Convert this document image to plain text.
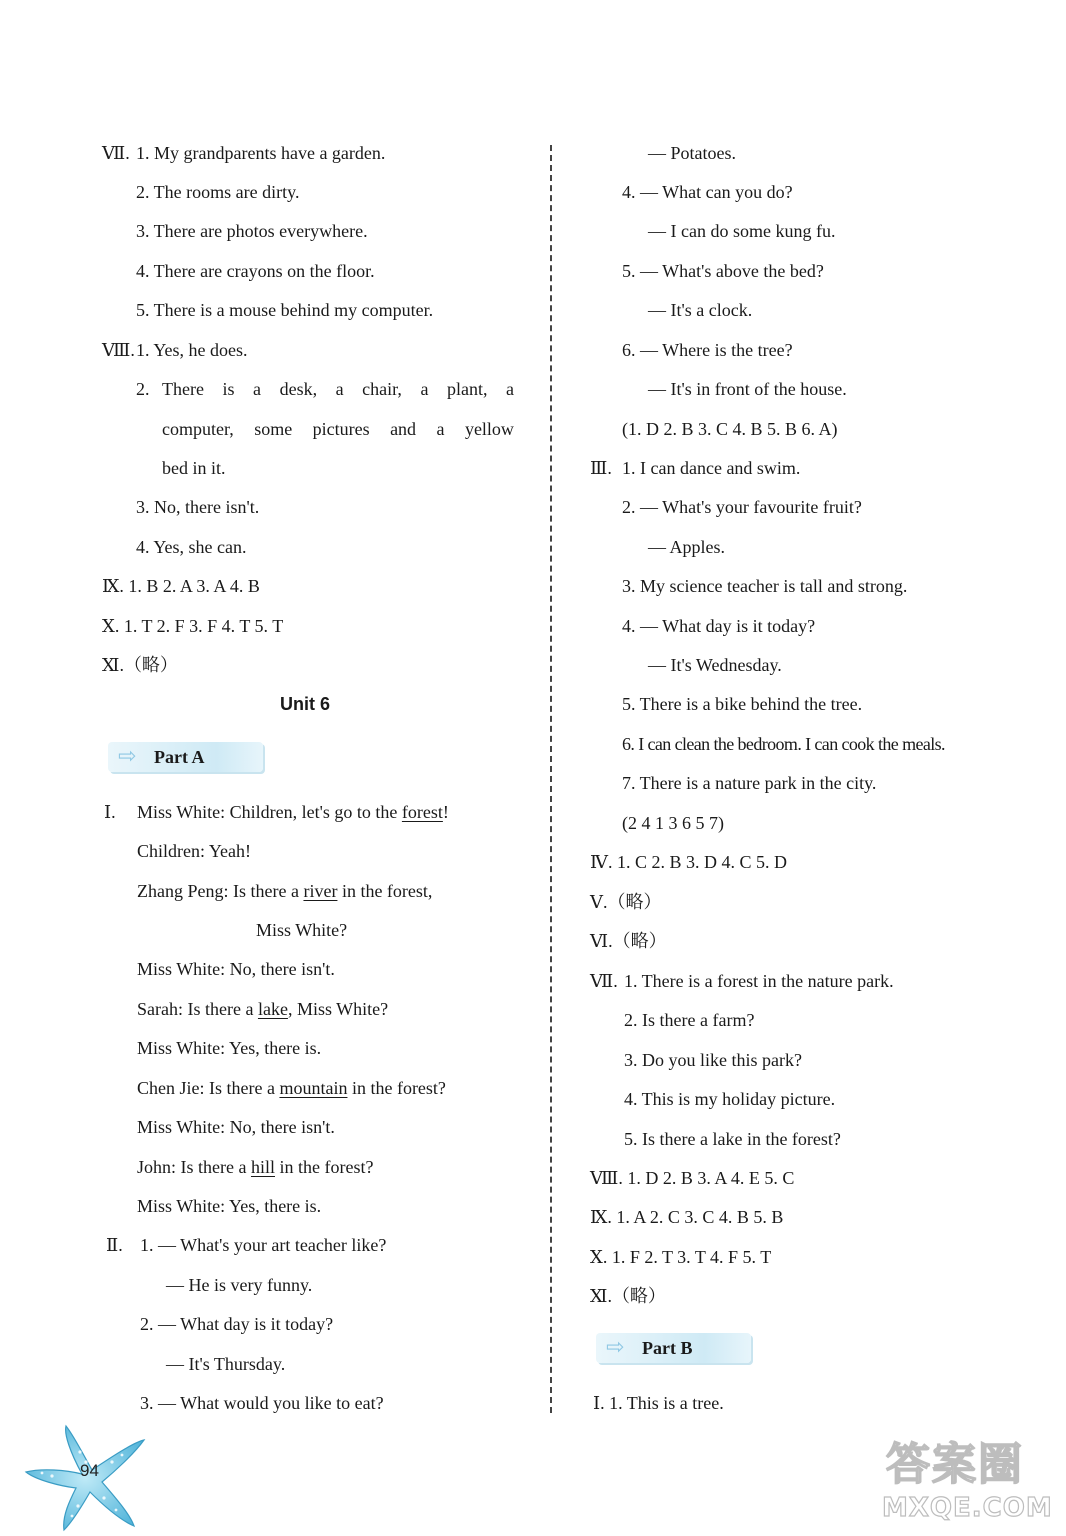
Ⅶ. 1. My grandparents have a garden.
2. The rooms are dirty.
3. There are photos everywhere.
4. There are crayons on the floor.
5. There is a mouse behind my computer.
Ⅷ. 1. Yes, he does.
2. There is a desk, a chair, a plant, a
computer, some pictures and a yellow
bed in it.
3. No, there isn't.
4. Yes, she can.
Ⅸ. 1. B 2. A 3. A 4. B
Ⅹ. 1. T 2. F 3. F 4. T 5. T
Ⅺ.（略）
Unit 6
⇨ Part A
Ⅰ. Miss White: Children, let's go to the forest!
Children: Yeah!
Zhang Peng: Is there a river in the forest,
Miss White?
Miss White: No, there isn't.
Sarah: Is there a lake, Miss White?
Miss White: Yes, there is.
Chen Jie: Is there a mountain in the forest?
Miss White: No, there isn't.
John: Is there a hill in the forest?
Miss White: Yes, there is.
Ⅱ. 1. — What's your art teacher like?
— He is very funny.
2. — What day is it today?
— It's Thursday.
3. — What would you like to eat?
— Potatoes.
4. — What can you do?
— I can do some kung fu.
5. — What's above the bed?
— It's a clock.
6. — Where is the tree?
— It's in front of the house.
(1. D 2. B 3. C 4. B 5. B 6. A)
Ⅲ. 1. I can dance and swim.
2. — What's your favourite fruit?
— Apples.
3. My science teacher is tall and strong.
4. — What day is it today?
— It's Wednesday.
5. There is a bike behind the tree.
6. I can clean the bedroom. I can cook the meals.
7. There is a nature park in the city.
(2 4 1 3 6 5 7)
Ⅳ. 1. C 2. B 3. D 4. C 5. D
Ⅴ.（略）
Ⅵ.（略）
Ⅶ. 1. There is a forest in the nature park.
2. Is there a farm?
3. Do you like this park?
4. This is my holiday picture.
5. Is there a lake in the forest?
Ⅷ. 1. D 2. B 3. A 4. E 5. C
Ⅸ. 1. A 2. C 3. C 4. B 5. B
Ⅹ. 1. F 2. T 3. T 4. F 5. T
Ⅺ.（略）
⇨ Part B
Ⅰ. 1. This is a tree.
94	答案圈
MXQE.COM
